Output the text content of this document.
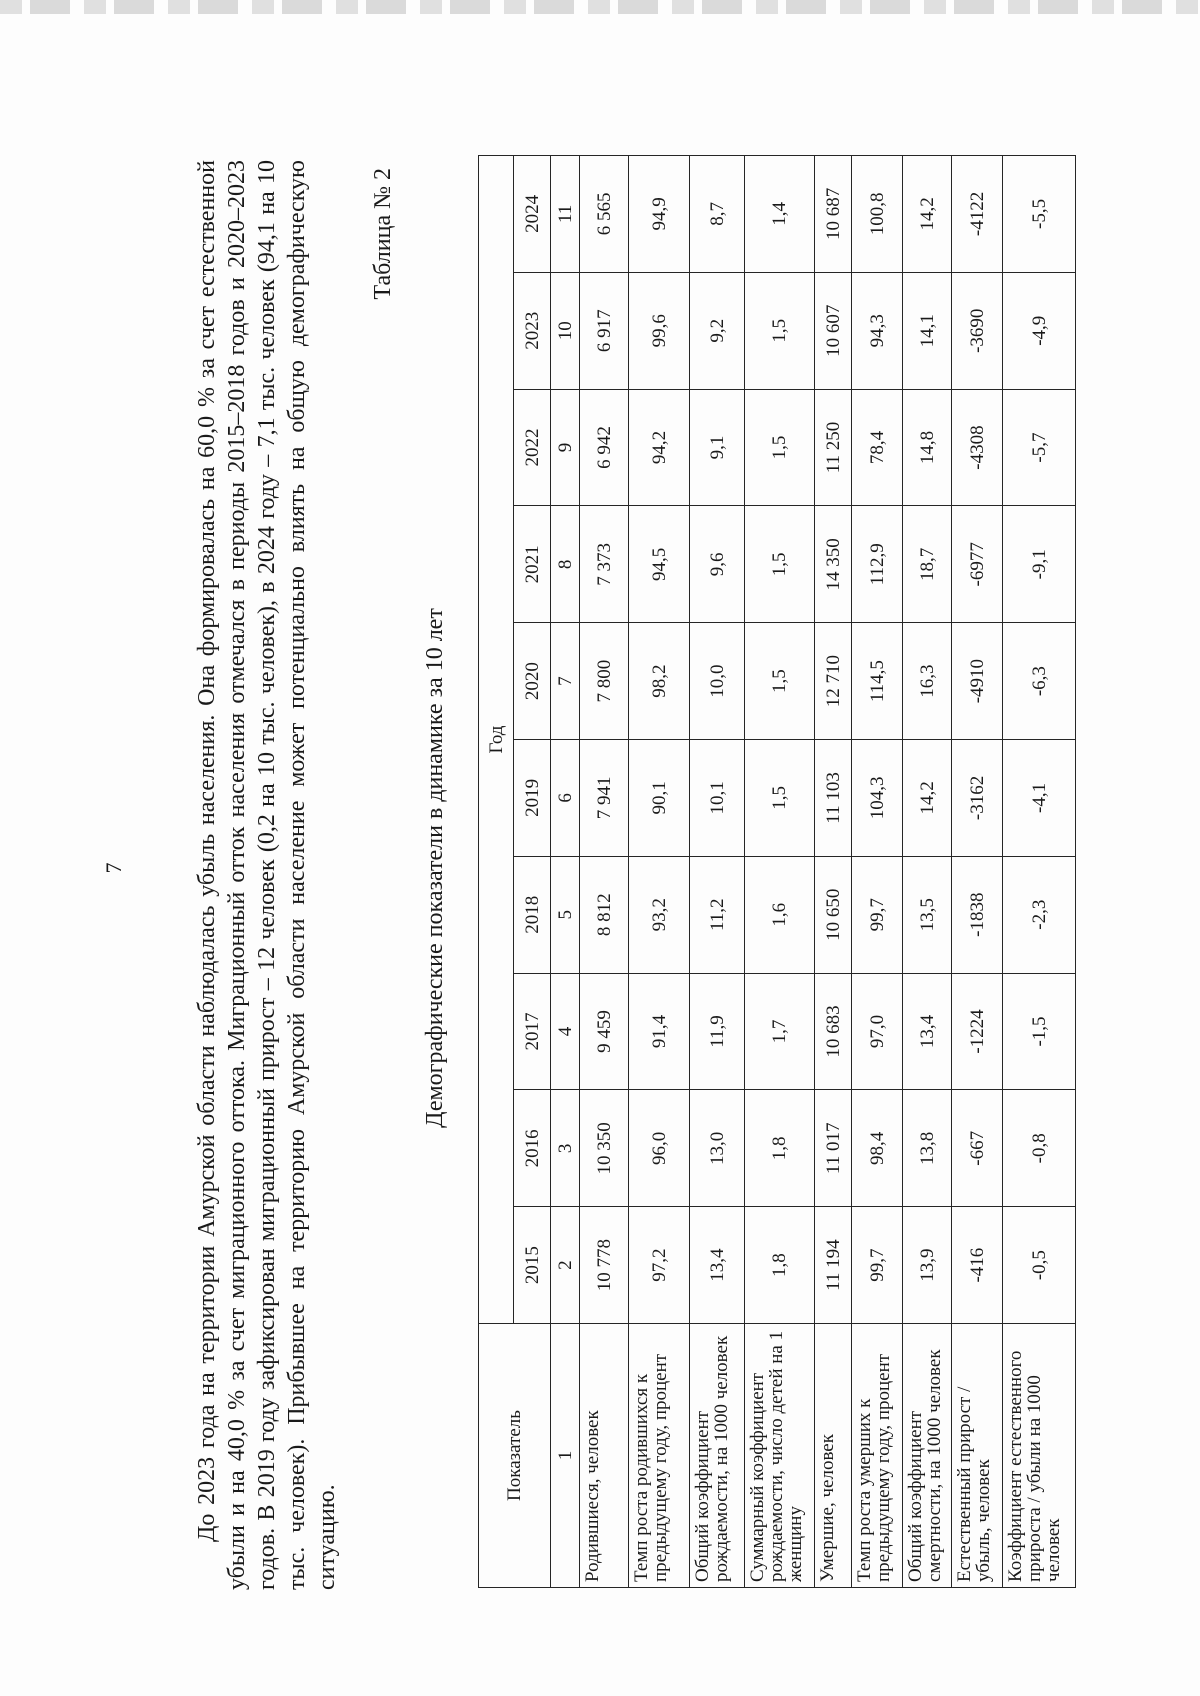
7	До 2023 года на территории Амурской области наблюдалась убыль населения. Она формировалась на 60,0 % за счет естественной убыли и на 40,0 % за счет миграционного оттока. Миграционный отток населения отмечался в периоды 2015–2018 годов и 2020–2023 годов. В 2019 году зафиксирован миграционный прирост – 12 человек (0,2 на 10 тыс. человек), в 2024 году – 7,1 тыс. человек (94,1 на 10 тыс. человек). Прибывшее на территорию Амурской области население может потенциально влиять на общую демографическую ситуацию.

Таблица № 2
Демографические показатели в динамике за 10 лет
Показатель	Год									
	2015	2016	2017	2018	2019	2020	2021	2022	2023	2024
1	2	3	4	5	6	7	8	9	10	11
Родившиеся, человек	10 778	10 350	9 459	8 812	7 941	7 800	7 373	6 942	6 917	6 565
Темп роста родившихся к предыдущему году, процент	97,2	96,0	91,4	93,2	90,1	98,2	94,5	94,2	99,6	94,9
Общий коэффициент рождаемости, на 1000 человек	13,4	13,0	11,9	11,2	10,1	10,0	9,6	9,1	9,2	8,7
Суммарный коэффициент рождаемости, число детей на 1 женщину	1,8	1,8	1,7	1,6	1,5	1,5	1,5	1,5	1,5	1,4
Умершие, человек	11 194	11 017	10 683	10 650	11 103	12 710	14 350	11 250	10 607	10 687
Темп роста умерших к предыдущему году, процент	99,7	98,4	97,0	99,7	104,3	114,5	112,9	78,4	94,3	100,8
Общий коэффициент смертности, на 1000 человек	13,9	13,8	13,4	13,5	14,2	16,3	18,7	14,8	14,1	14,2
Естественный прирост / убыль, человек	-416	-667	-1224	-1838	-3162	-4910	-6977	-4308	-3690	-4122
Коэффициент естественного прироста / убыли на 1000 человек	-0,5	-0,8	-1,5	-2,3	-4,1	-6,3	-9,1	-5,7	-4,9	-5,5
